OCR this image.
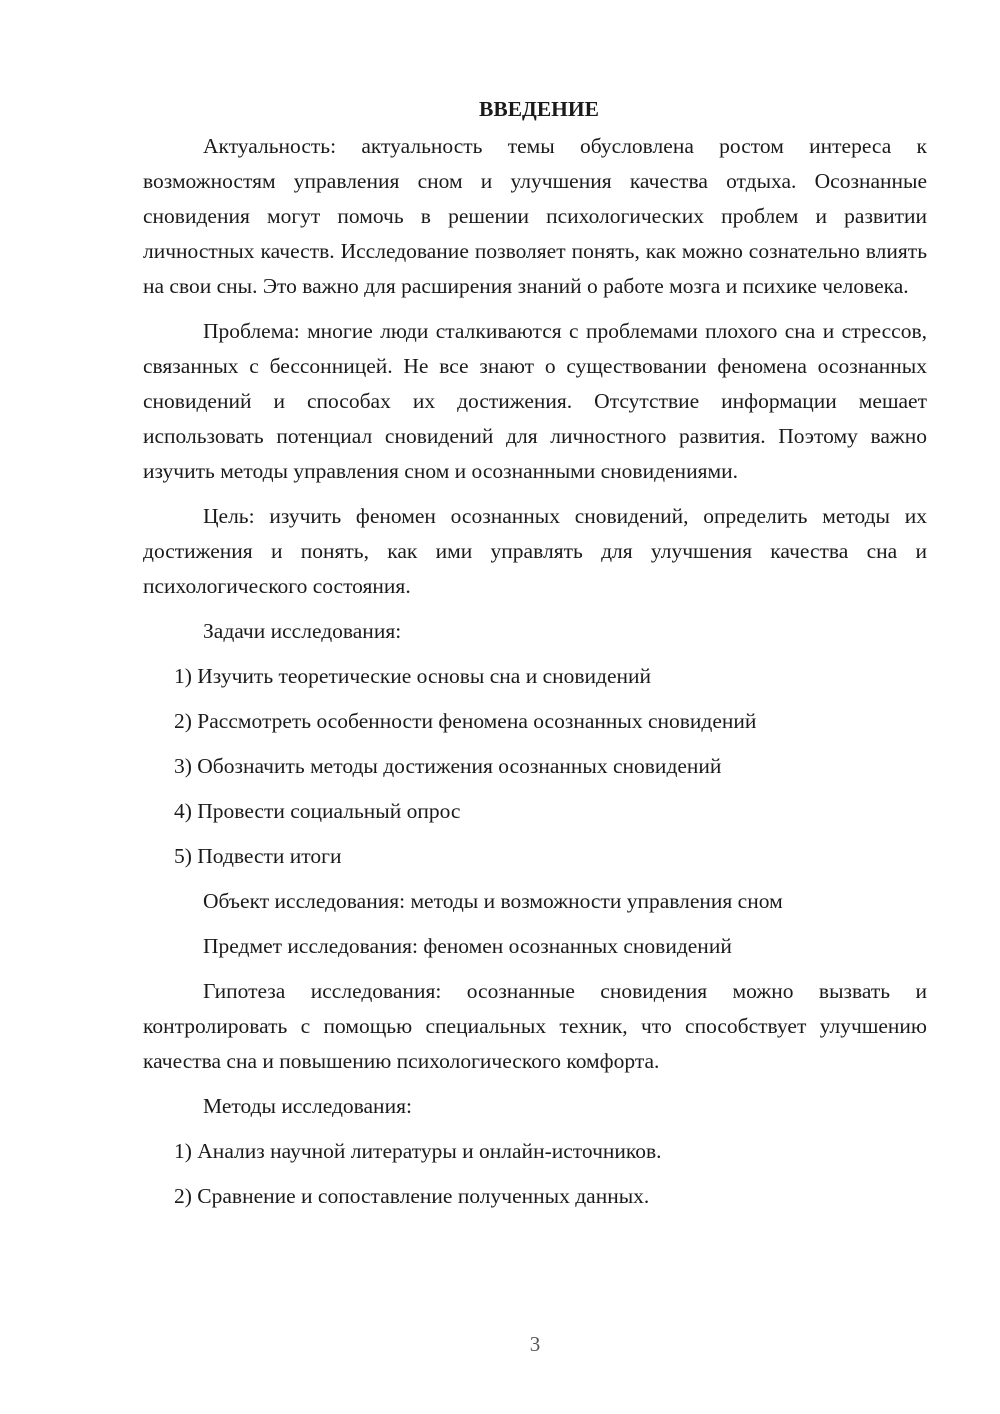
ВВЕДЕНИЕ

Актуальность: актуальность темы обусловлена ростом интереса к возможностям управления сном и улучшения качества отдыха. Осознанные сновидения могут помочь в решении психологических проблем и развитии личностных качеств. Исследование позволяет понять, как можно сознательно влиять на свои сны. Это важно для расширения знаний о работе мозга и психике человека.

Проблема: многие люди сталкиваются с проблемами плохого сна и стрессов, связанных с бессонницей. Не все знают о существовании феномена осознанных сновидений и способах их достижения. Отсутствие информации мешает использовать потенциал сновидений для личностного развития. Поэтому важно изучить методы управления сном и осознанными сновидениями.

Цель: изучить феномен осознанных сновидений, определить методы их достижения и понять, как ими управлять для улучшения качества сна и психологического состояния.

Задачи исследования:

1) Изучить теоретические основы сна и сновидений

2) Рассмотреть особенности феномена осознанных сновидений

3) Обозначить методы достижения осознанных сновидений

4) Провести социальный опрос

5) Подвести итоги

Объект исследования: методы и возможности управления сном

Предмет исследования: феномен осознанных сновидений

Гипотеза исследования: осознанные сновидения можно вызвать и контролировать с помощью специальных техник, что способствует улучшению качества сна и повышению психологического комфорта.

Методы исследования:

1) Анализ научной литературы и онлайн-источников.

2) Сравнение и сопоставление полученных данных.

3
